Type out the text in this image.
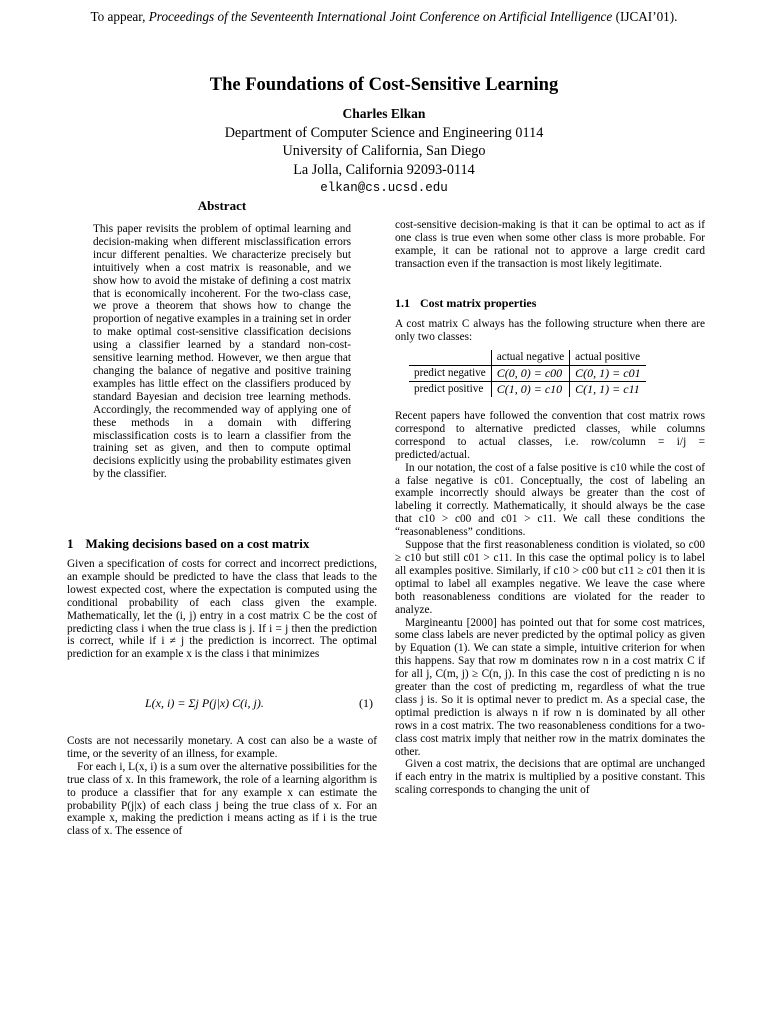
To appear, Proceedings of the Seventeenth International Joint Conference on Artificial Intelligence (IJCAI’01).
The Foundations of Cost-Sensitive Learning
Charles Elkan
Department of Computer Science and Engineering 0114
University of California, San Diego
La Jolla, California 92093-0114
elkan@cs.ucsd.edu
Abstract

This paper revisits the problem of optimal learning and decision-making when different misclassification errors incur different penalties. We characterize precisely but intuitively when a cost matrix is reasonable, and we show how to avoid the mistake of defining a cost matrix that is economically incoherent. For the two-class case, we prove a theorem that shows how to change the proportion of negative examples in a training set in order to make optimal cost-sensitive classification decisions using a classifier learned by a standard non-cost-sensitive learning method. However, we then argue that changing the balance of negative and positive training examples has little effect on the classifiers produced by standard Bayesian and decision tree learning methods. Accordingly, the recommended way of applying one of these methods in a domain with differing misclassification costs is to learn a classifier from the training set as given, and then to compute optimal decisions explicitly using the probability estimates given by the classifier.

1 Making decisions based on a cost matrix

Given a specification of costs for correct and incorrect predictions, an example should be predicted to have the class that leads to the lowest expected cost, where the expectation is computed using the conditional probability of each class given the example. Mathematically, let the (i, j) entry in a cost matrix C be the cost of predicting class i when the true class is j. If i = j then the prediction is correct, while if i ≠ j the prediction is incorrect. The optimal prediction for an example x is the class i that minimizes

L(x, i) = Σj P(j|x) C(i, j).	(1)

Costs are not necessarily monetary. A cost can also be a waste of time, or the severity of an illness, for example.

For each i, L(x, i) is a sum over the alternative possibilities for the true class of x. In this framework, the role of a learning algorithm is to produce a classifier that for any example x can estimate the probability P(j|x) of each class j being the true class of x. For an example x, making the prediction i means acting as if i is the true class of x. The essence of

cost-sensitive decision-making is that it can be optimal to act as if one class is true even when some other class is more probable. For example, it can be rational not to approve a large credit card transaction even if the transaction is most likely legitimate.

1.1 Cost matrix properties

A cost matrix C always has the following structure when there are only two classes:

	actual negative	actual positive
predict negative	C(0, 0) = c00	C(0, 1) = c01
predict positive	C(1, 0) = c10	C(1, 1) = c11

Recent papers have followed the convention that cost matrix rows correspond to alternative predicted classes, while columns correspond to actual classes, i.e. row/column = i/j = predicted/actual.

In our notation, the cost of a false positive is c10 while the cost of a false negative is c01. Conceptually, the cost of labeling an example incorrectly should always be greater than the cost of labeling it correctly. Mathematically, it should always be the case that c10 > c00 and c01 > c11. We call these conditions the “reasonableness” conditions.

Suppose that the first reasonableness condition is violated, so c00 ≥ c10 but still c01 > c11. In this case the optimal policy is to label all examples positive. Similarly, if c10 > c00 but c11 ≥ c01 then it is optimal to label all examples negative. We leave the case where both reasonableness conditions are violated for the reader to analyze.

Margineantu [2000] has pointed out that for some cost matrices, some class labels are never predicted by the optimal policy as given by Equation (1). We can state a simple, intuitive criterion for when this happens. Say that row m dominates row n in a cost matrix C if for all j, C(m, j) ≥ C(n, j). In this case the cost of predicting n is no greater than the cost of predicting m, regardless of what the true class j is. So it is optimal never to predict m. As a special case, the optimal prediction is always n if row n is dominated by all other rows in a cost matrix. The two reasonableness conditions for a two-class cost matrix imply that neither row in the matrix dominates the other.

Given a cost matrix, the decisions that are optimal are unchanged if each entry in the matrix is multiplied by a positive constant. This scaling corresponds to changing the unit of
